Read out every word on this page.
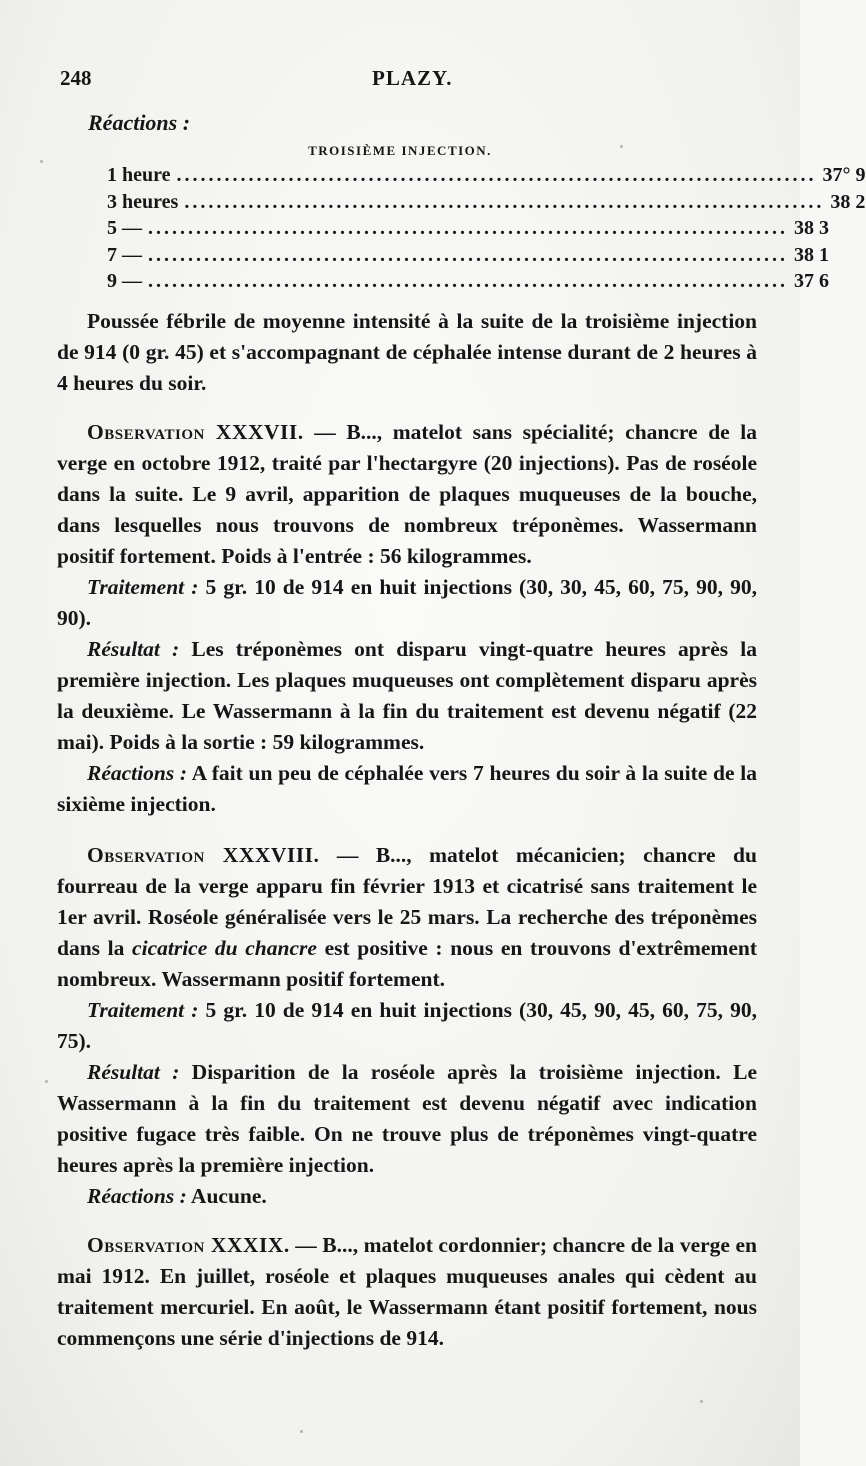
248	PLAZY.
Réactions :
TROISIÈME INJECTION.
1 heure ................................................................................ 37° 9
3 heures ................................................................................ 38 2
5 — ................................................................................ 38 3
7 — ................................................................................ 38 1
9 — ................................................................................ 37 6

Poussée fébrile de moyenne intensité à la suite de la troisième injection de 914 (0 gr. 45) et s'accompagnant de céphalée intense durant de 2 heures à 4 heures du soir.

Observation XXXVII. — B..., matelot sans spécialité; chancre de la verge en octobre 1912, traité par l'hectargyre (20 injections). Pas de roséole dans la suite. Le 9 avril, apparition de plaques muqueuses de la bouche, dans lesquelles nous trouvons de nombreux tréponèmes. Wassermann positif fortement. Poids à l'entrée : 56 kilogrammes.

Traitement : 5 gr. 10 de 914 en huit injections (30, 30, 45, 60, 75, 90, 90, 90).

Résultat : Les tréponèmes ont disparu vingt-quatre heures après la première injection. Les plaques muqueuses ont complètement disparu après la deuxième. Le Wassermann à la fin du traitement est devenu négatif (22 mai). Poids à la sortie : 59 kilogrammes.

Réactions : A fait un peu de céphalée vers 7 heures du soir à la suite de la sixième injection.

Observation XXXVIII. — B..., matelot mécanicien; chancre du fourreau de la verge apparu fin février 1913 et cicatrisé sans traitement le 1er avril. Roséole généralisée vers le 25 mars. La recherche des tréponèmes dans la cicatrice du chancre est positive : nous en trouvons d'extrêmement nombreux. Wassermann positif fortement.

Traitement : 5 gr. 10 de 914 en huit injections (30, 45, 90, 45, 60, 75, 90, 75).

Résultat : Disparition de la roséole après la troisième injection. Le Wassermann à la fin du traitement est devenu négatif avec indication positive fugace très faible. On ne trouve plus de tréponèmes vingt-quatre heures après la première injection.

Réactions : Aucune.

Observation XXXIX. — B..., matelot cordonnier; chancre de la verge en mai 1912. En juillet, roséole et plaques muqueuses anales qui cèdent au traitement mercuriel. En août, le Wassermann étant positif fortement, nous commençons une série d'injections de 914.
